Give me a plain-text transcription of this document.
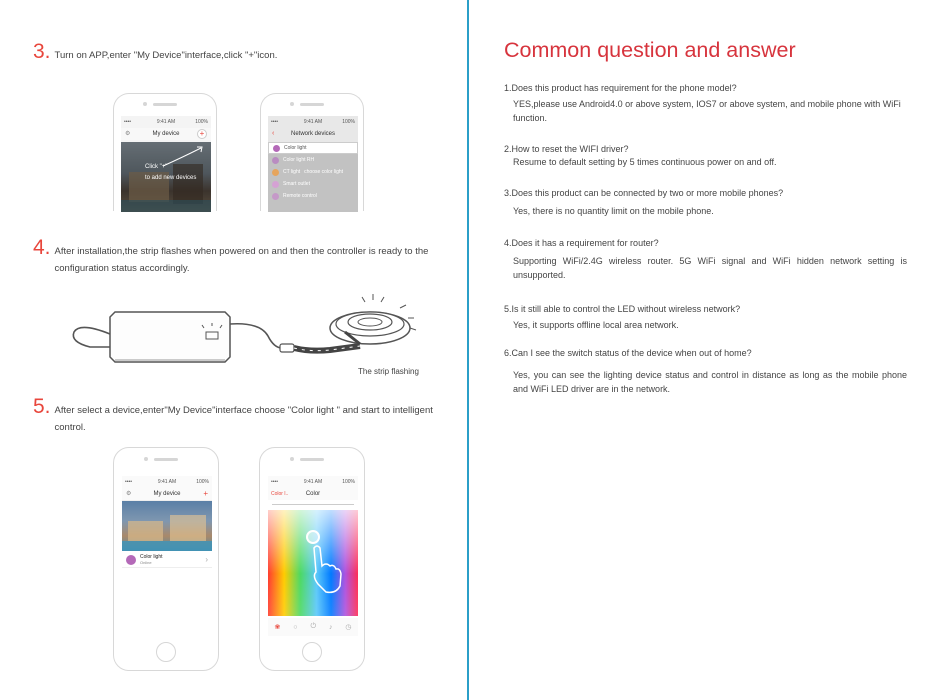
3. Turn on APP,enter "My Device"interface,click "+"icon.
••••	9:41 AM	100%
⚙	My device	+
Click "+"
to add new devices
••••	9:41 AM	100%
‹	Network devices
Color light
Color light RH
CT light choose color light
Smart outlet
Remote control
4. After installation,the strip flashes when powered on and then the controller is ready to the configuration status accordingly.
The strip flashing
5. After select a device,enter"My Device"interface choose "Color light " and start to intelligent control.
••••	9:41 AM	100%
⚙	My device	+
Color light
Online	›
••••	9:41 AM	100%
Color l..	Color
❀ ○ ⏻ ♪ ◷
Common question and answer
1.Does this product has requirement for the phone model?
YES,please use Android4.0 or above system, IOS7 or above system, and mobile phone with WiFi function.
2.How to reset the WIFI driver?
Resume to default setting by 5 times continuous power on and off.
3.Does this product can be connected by two or more mobile phones?
Yes, there is no quantity limit on the mobile phone.
4.Does it has a requirement for router?
Supporting WiFi/2.4G wireless router. 5G WiFi signal and WiFi hidden network setting is unsupported.
5.Is it still able to control the LED without wireless network?
Yes, it supports offline local area network.
6.Can I see the switch status of the device when out of home?
Yes, you can see the lighting device status and control in distance as long as the mobile phone and WiFi LED driver are in the network.
